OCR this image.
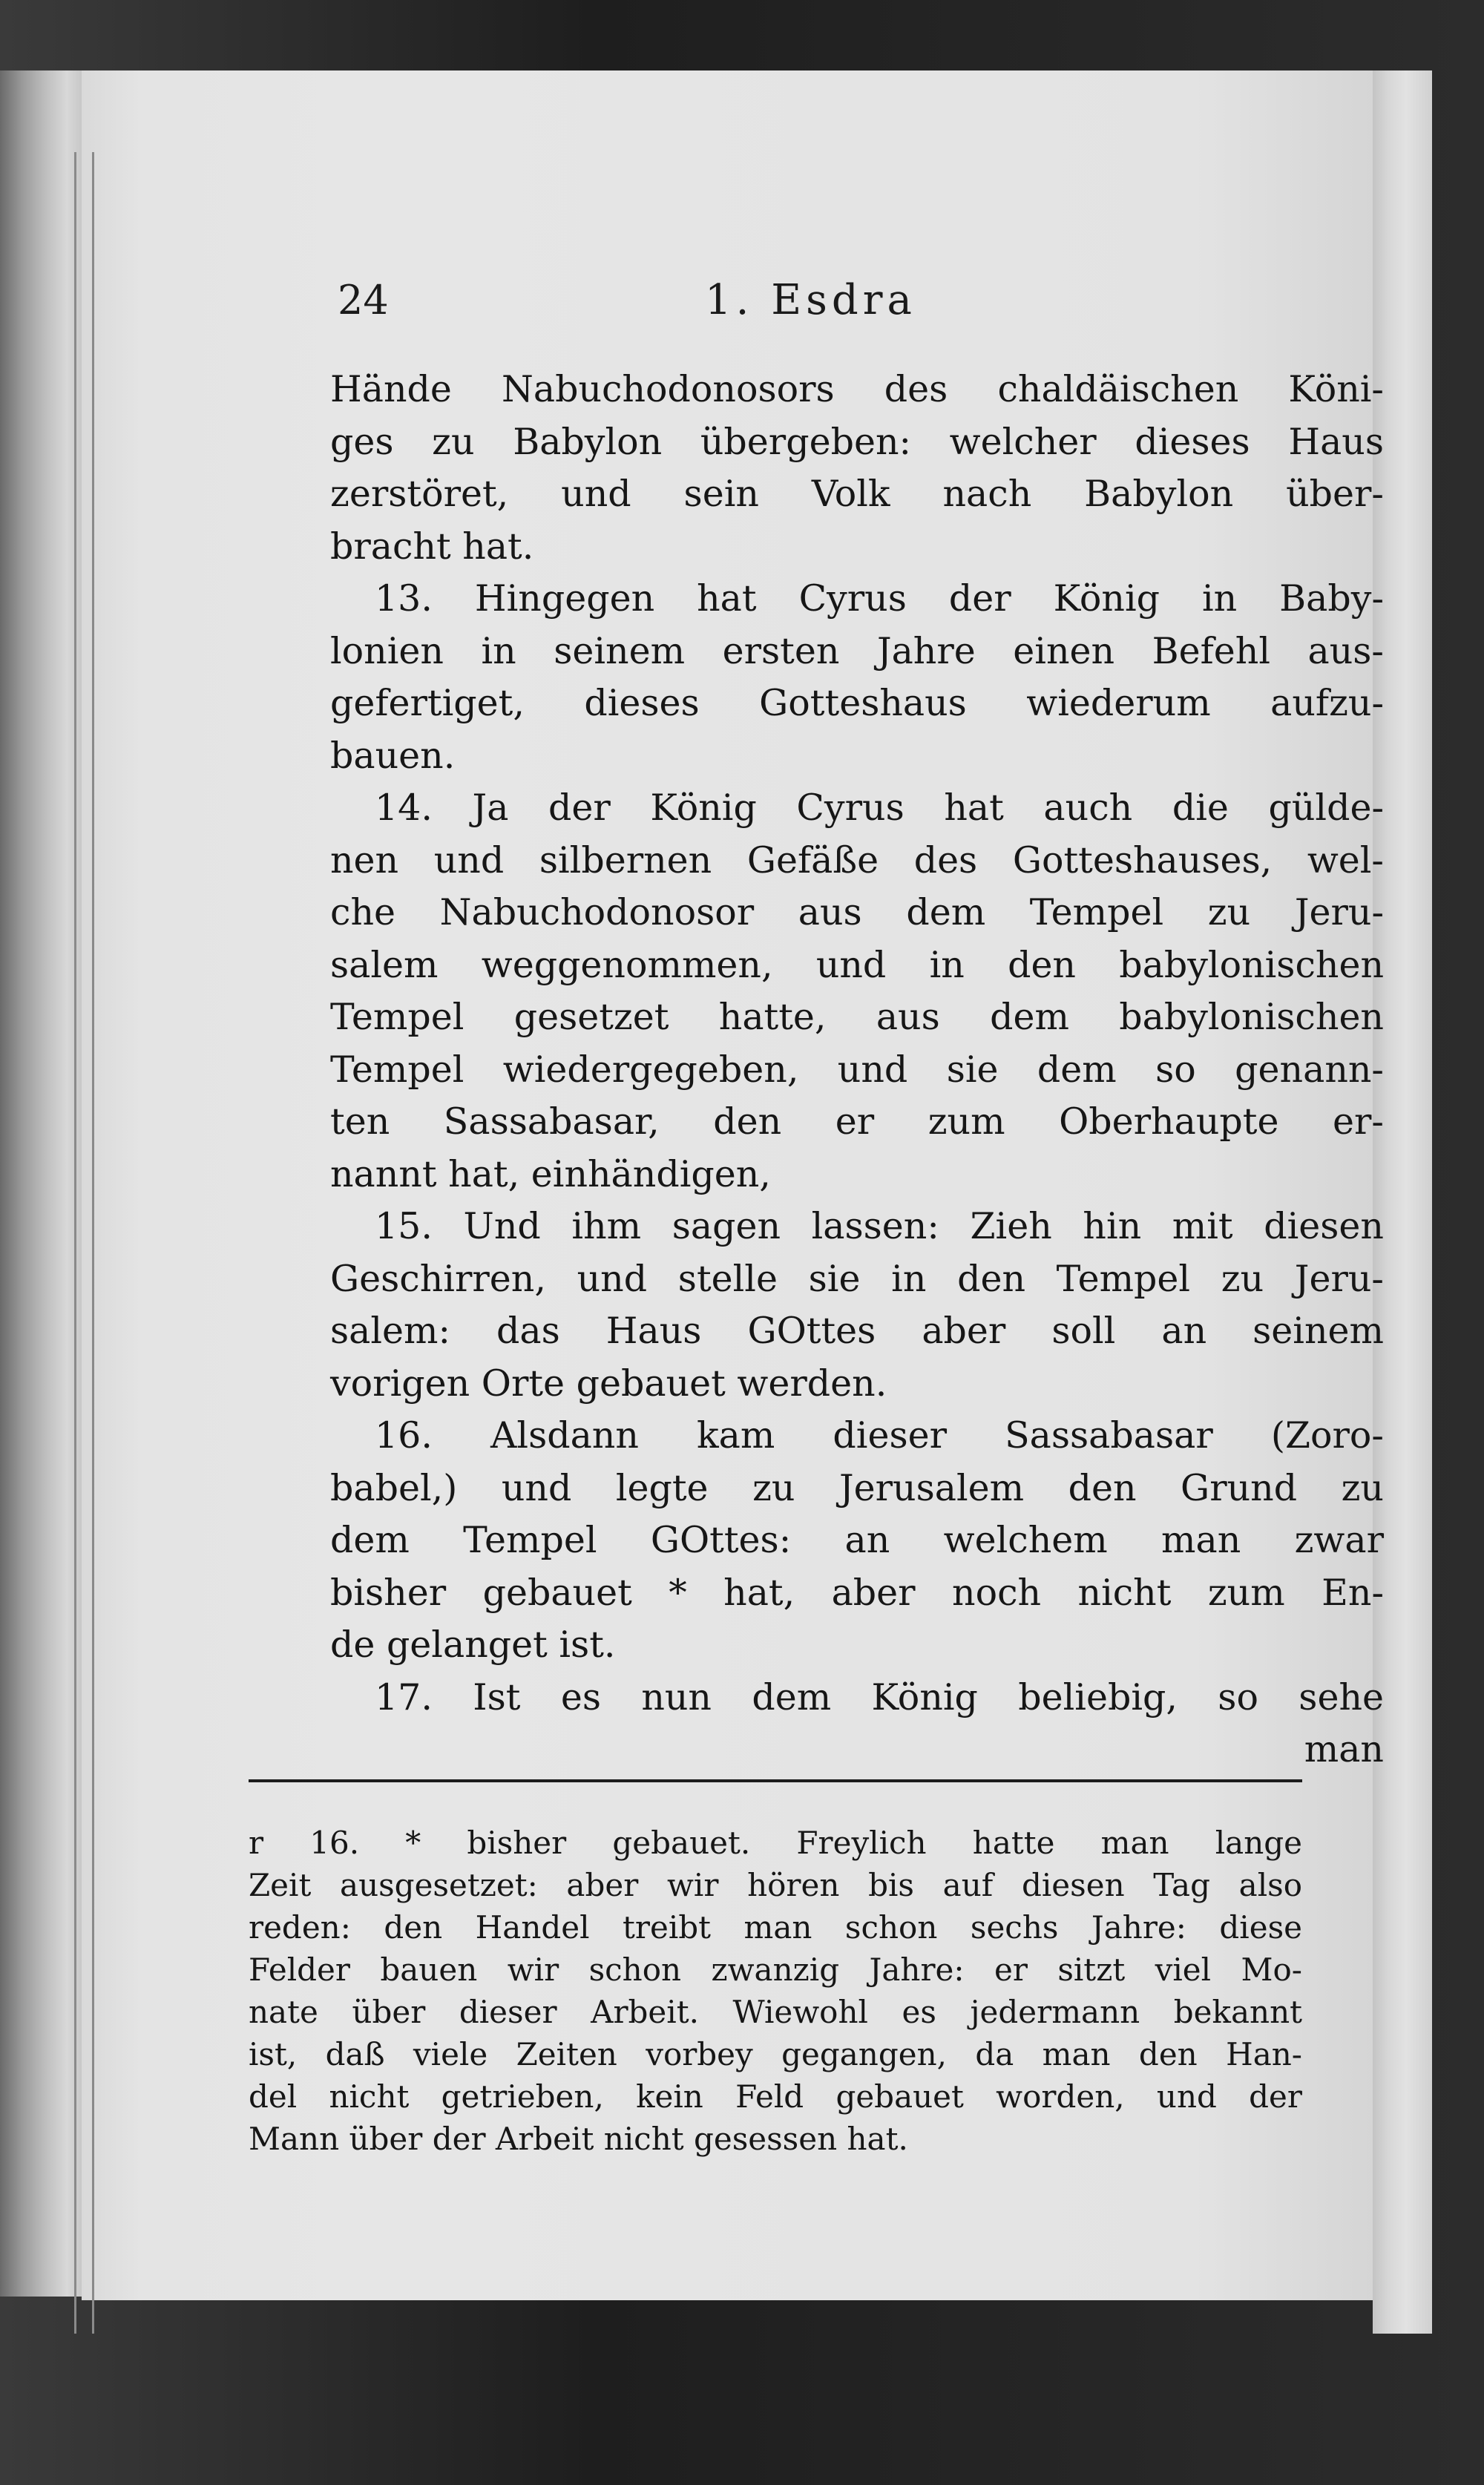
24	1. Esdra
Hände Nabuchodonosors des chaldäischen Köni-
ges zu Babylon übergeben: welcher dieses Haus
zerstöret, und sein Volk nach Babylon über-
bracht hat.
13. Hingegen hat Cyrus der König in Baby-
lonien in seinem ersten Jahre einen Befehl aus-
gefertiget, dieses Gotteshaus wiederum aufzu-
bauen.
14. Ja der König Cyrus hat auch die gülde-
nen und silbernen Gefäße des Gotteshauses, wel-
che Nabuchodonosor aus dem Tempel zu Jeru-
salem weggenommen, und in den babylonischen
Tempel gesetzet hatte, aus dem babylonischen
Tempel wiedergegeben, und sie dem so genann-
ten Sassabasar, den er zum Oberhaupte er-
nannt hat, einhändigen,
15. Und ihm sagen lassen: Zieh hin mit diesen
Geschirren, und stelle sie in den Tempel zu Jeru-
salem: das Haus GOttes aber soll an seinem
vorigen Orte gebauet werden.
16. Alsdann kam dieser Sassabasar (Zoro-
babel,) und legte zu Jerusalem den Grund zu
dem Tempel GOttes: an welchem man zwar
bisher gebauet * hat, aber noch nicht zum En-
de gelanget ist.
17. Ist es nun dem König beliebig, so sehe
man
r 16. * bisher gebauet. Freylich hatte man lange
Zeit ausgesetzet: aber wir hören bis auf diesen Tag also
reden: den Handel treibt man schon sechs Jahre: diese
Felder bauen wir schon zwanzig Jahre: er sitzt viel Mo-
nate über dieser Arbeit. Wiewohl es jedermann bekannt
ist, daß viele Zeiten vorbey gegangen, da man den Han-
del nicht getrieben, kein Feld gebauet worden, und der
Mann über der Arbeit nicht gesessen hat.
